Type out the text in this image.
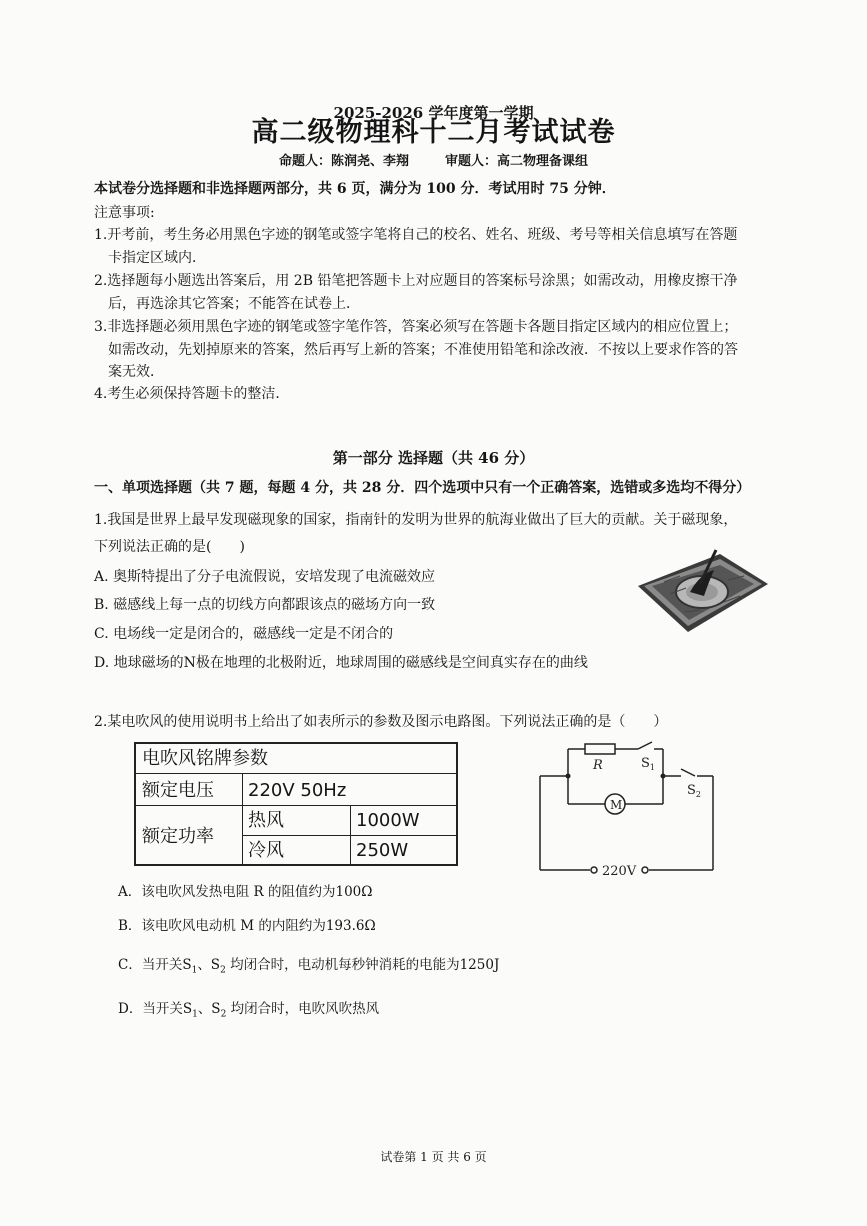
2025-2026 学年度第一学期
高二级物理科十二月考试试卷
命题人：陈润尧、李翔	审题人：高二物理备课组
本试卷分选择题和非选择题两部分，共 6 页，满分为 100 分．考试用时 75 分钟．
注意事项:
1.开考前，考生务必用黑色字迹的钢笔或签字笔将自己的校名、姓名、班级、考号等相关信息填写在答题
卡指定区域内．
2.选择题每小题选出答案后，用 2B 铅笔把答题卡上对应题目的答案标号涂黑；如需改动，用橡皮擦干净
后，再选涂其它答案；不能答在试卷上．
3.非选择题必须用黑色字迹的钢笔或签字笔作答，答案必须写在答题卡各题目指定区域内的相应位置上；
如需改动，先划掉原来的答案，然后再写上新的答案；不准使用铅笔和涂改液．不按以上要求作答的答
案无效．
4.考生必须保持答题卡的整洁．
第一部分 选择题（共 46 分）
一、单项选择题（共 7 题，每题 4 分，共 28 分．四个选项中只有一个正确答案，选错或多选均不得分）
1.我国是世界上最早发现磁现象的国家，指南针的发明为世界的航海业做出了巨大的贡献。关于磁现象，
下列说法正确的是(　　)
A. 奥斯特提出了分子电流假说，安培发现了电流磁效应
B. 磁感线上每一点的切线方向都跟该点的磁场方向一致
C. 电场线一定是闭合的，磁感线一定是不闭合的
D. 地球磁场的N极在地理的北极附近，地球周围的磁感线是空间真实存在的曲线
2.某电吹风的使用说明书上给出了如表所示的参数及图示电路图。下列说法正确的是（　　）
电吹风铭牌参数
额定电压 220V 50Hz
额定功率
热风	1000W
冷风	250W
R	$S_1$
$S_2$
M
220V
A．该电吹风发热电阻 R 的阻值约为100Ω
B．该电吹风电动机 M 的内阻约为193.6Ω
C．当开关$S_1$、$S_2$ 均闭合时，电动机每秒钟消耗的电能为1250J
D．当开关$S_1$、$S_2$ 均闭合时，电吹风吹热风
试卷第 1 页 共 6 页
